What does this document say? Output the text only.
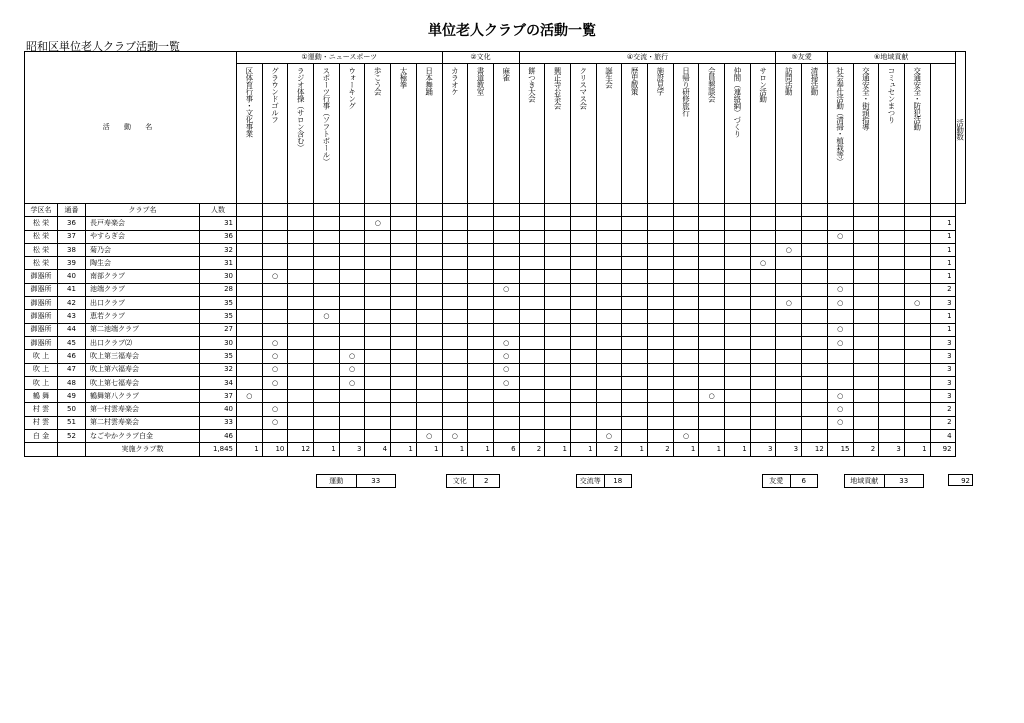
単位老人クラブの活動一覧
昭和区単位老人クラブ活動一覧
活 動 名				①運動・ニュースポーツ								②文化			④交流・旅行										⑤友愛		⑥地域貢献					活動数

				区体育行事・文化事業	グラウンドゴルフ	ラジオ体操（サロン含む）	スポーツ行事（ソフトボール）	ウォーキング	歩こう会	太極拳	日本舞踊	カラオケ	書道教室	麻雀	餅つき大会	興正寺お茶会	クリスマス会	誕生会	歴史散策	施設見学	日帰り研修旅行	会員懇談会	仲間（連絡網）づくり	サロン活動	訪問活動	清掃活動	社会奉仕活動（清掃・植栽等）	交通安全・街頭指導	コミュセンまつり	交通安全・防犯活動		

学区名	通番	クラブ名	人数																													
松 栄	36	長戸寿楽会	31						○																						1	
松 栄	37	やすらぎ会	36																								○				1	
松 栄	38	菊乃会	32																						○						1	
松 栄	39	陶生会	31																					○							1	
御器所	40	南部クラブ	30		○																										1	
御器所	41	池端クラブ	28											○													○				2	
御器所	42	出口クラブ	35																						○		○			○	3	
御器所	43	恵若クラブ	35				○																								1	
御器所	44	第二池端クラブ	27																								○				1	
御器所	45	出口クラブ⑵	30		○									○													○				3	
吹 上	46	吹上第三福寿会	35		○			○						○																	3	
吹 上	47	吹上第六福寿会	32		○			○						○																	3	
吹 上	48	吹上第七福寿会	34		○			○						○																	3	
鶴 舞	49	鶴舞第八クラブ	37	○																		○					○				3	
村 雲	50	第一村雲寿楽会	40		○																						○				2	
村 雲	51	第二村雲寿楽会	33		○																						○				2	
白 金	52	なごやかクラブ白金	46								○	○						○			○										4	
		実施クラブ数	1,845	1	10	12	1	3	4	1	1	1	1	6	2	1	1	2	1	2	1	1	1	3	3	12	15	2	3	1	92	
運動	33	文化	2	交流等	18	友愛	6	地域貢献	33	92
